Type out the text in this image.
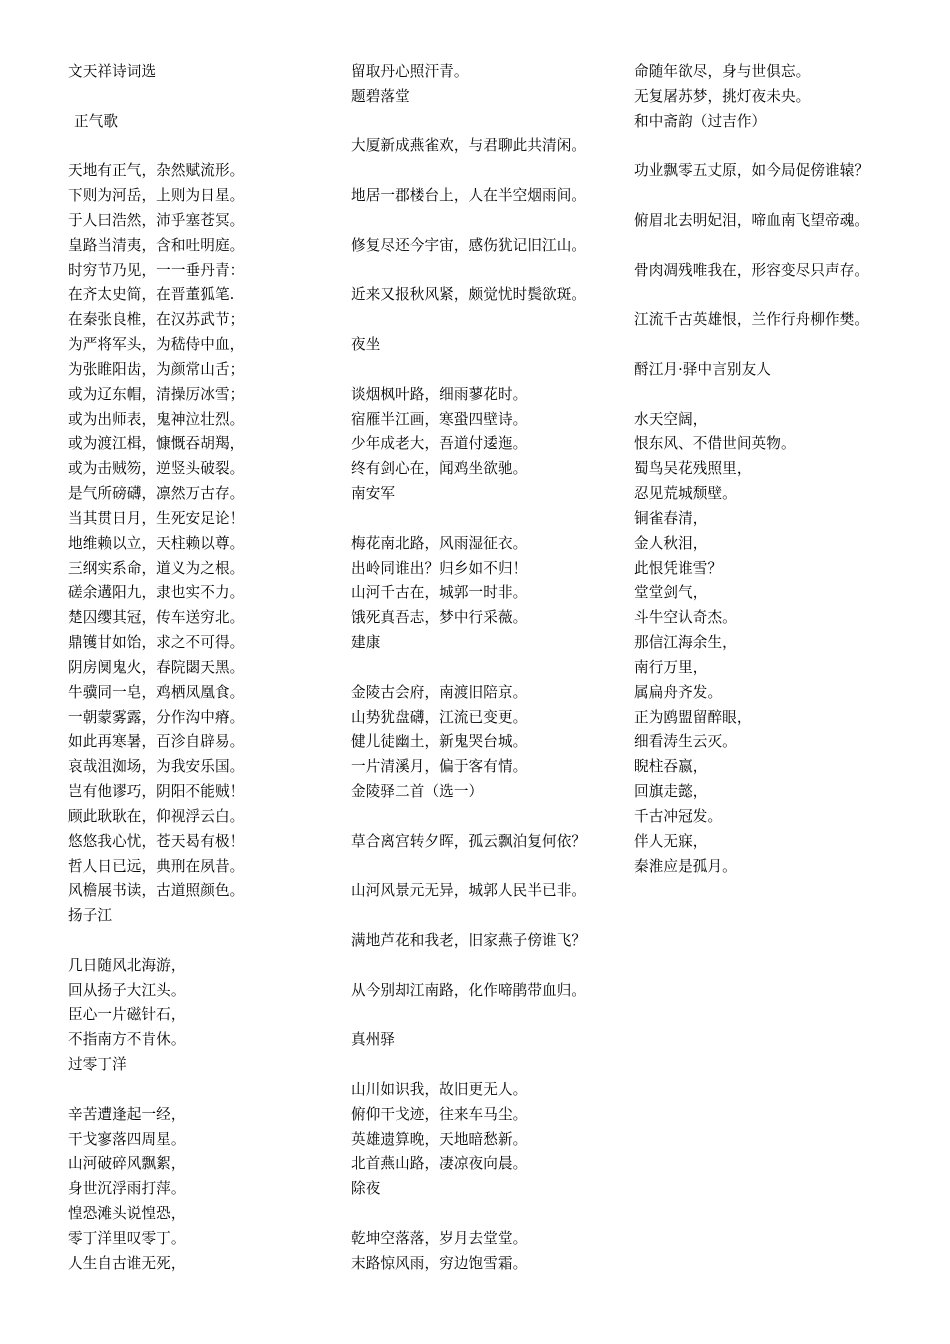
文天祥诗词选
正气歌
天地有正气，杂然赋流形。
下则为河岳，上则为日星。
于人曰浩然，沛乎塞苍冥。
皇路当清夷，含和吐明庭。
时穷节乃见，一一垂丹青：
在齐太史简，在晋董狐笔.
在秦张良椎，在汉苏武节；
为严将军头，为嵇侍中血，
为张睢阳齿，为颜常山舌；
或为辽东帽，清操厉冰雪；
或为出师表，鬼神泣壮烈。
或为渡江楫，慷慨吞胡羯，
或为击贼笏，逆竖头破裂。
是气所磅礴，凛然万古存。
当其贯日月，生死安足论！
地维赖以立，天柱赖以尊。
三纲实系命，道义为之根。
磋余遘阳九，隶也实不力。
楚囚缨其冠，传车送穷北。
鼎镬甘如饴，求之不可得。
阴房阒鬼火，春院閟天黑。
牛骥同一皂，鸡栖凤凰食。
一朝蒙雾露，分作沟中瘠。
如此再寒暑，百沴自辟易。
哀哉沮洳场，为我安乐国。
岂有他谬巧，阴阳不能贼！
顾此耿耿在，仰视浮云白。
悠悠我心忧，苍天曷有极！
哲人日已远，典刑在夙昔。
风檐展书读，古道照颜色。
扬子江
几日随风北海游，
回从扬子大江头。
臣心一片磁针石，
不指南方不肯休。
过零丁洋
辛苦遭逢起一经，
干戈寥落四周星。
山河破碎风飘絮，
身世沉浮雨打萍。
惶恐滩头说惶恐，
零丁洋里叹零丁。
人生自古谁无死，
留取丹心照汗青。
题碧落堂
大厦新成燕雀欢，与君聊此共清闲。
地居一郡楼台上，人在半空烟雨间。
修复尽还今宇宙，感伤犹记旧江山。
近来又报秋风紧，颇觉忧时鬓欲斑。
夜坐
谈烟枫叶路，细雨蓼花时。
宿雁半江画，寒蛩四壁诗。
少年成老大，吾道付逶迤。
终有剑心在，闻鸡坐欲驰。
南安军
梅花南北路，风雨湿征衣。
出岭同谁出？归乡如不归！
山河千古在，城郭一时非。
饿死真吾志，梦中行采薇。
建康
金陵古会府，南渡旧陪京。
山势犹盘礴，江流已变更。
健儿徒幽土，新鬼哭台城。
一片清溪月，偏于客有情。
金陵驿二首（选一）
草合离宫转夕晖，孤云飘泊复何依？
山河风景元无异，城郭人民半已非。
满地芦花和我老，旧家燕子傍谁飞？
从今别却江南路，化作啼鹃带血归。
真州驿
山川如识我，故旧更无人。
俯仰干戈迹，往来车马尘。
英雄遗算晚，天地暗愁新。
北首燕山路，凄凉夜向晨。
除夜
乾坤空落落，岁月去堂堂。
末路惊风雨，穷边饱雪霜。
命随年欲尽，身与世俱忘。
无复屠苏梦，挑灯夜未央。
和中斋韵（过吉作）
功业飘零五丈原，如今局促傍谁辕？
俯眉北去明妃泪，啼血南飞望帝魂。
骨肉凋残唯我在，形容变尽只声存。
江流千古英雄恨，兰作行舟柳作樊。
酹江月·驿中言别友人
水天空阔，
恨东风、不借世间英物。
蜀鸟吴花残照里，
忍见荒城颓壁。
铜雀春清，
金人秋泪，
此恨凭谁雪？
堂堂剑气，
斗牛空认奇杰。
那信江海余生，
南行万里，
属扁舟齐发。
正为鸥盟留醉眼，
细看涛生云灭。
睨柱吞嬴，
回旗走懿，
千古冲冠发。
伴人无寐，
秦淮应是孤月。
